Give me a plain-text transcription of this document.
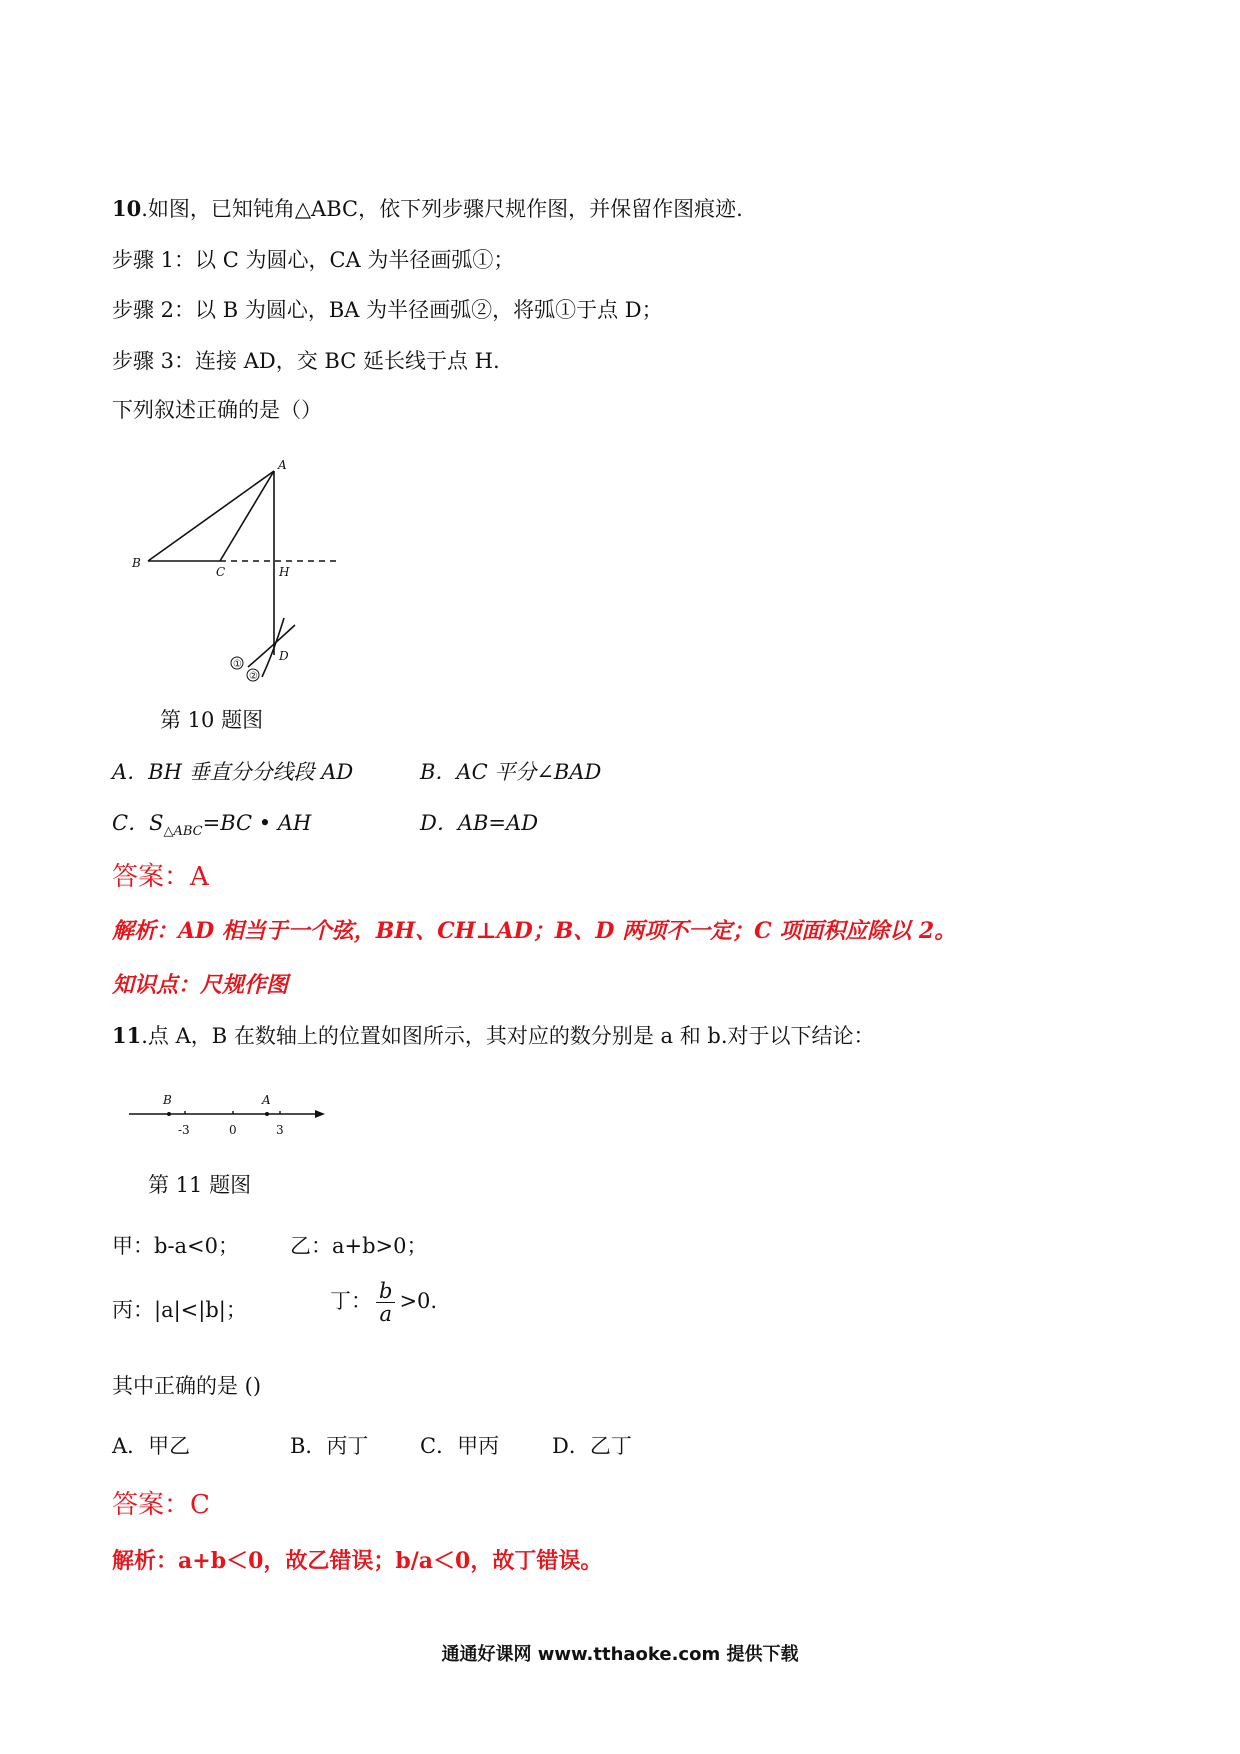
10.如图，已知钝角△ABC，依下列步骤尺规作图，并保留作图痕迹.
步骤 1：以 C 为圆心，CA 为半径画弧①；
步骤 2：以 B 为圆心，BA 为半径画弧②，将弧①于点 D；
步骤 3：连接 AD，交 BC 延长线于点 H.
下列叙述正确的是（）
A
B
C	H
D
①
②
第 10 题图
A．BH 垂直分分线段 AD	B．AC 平分∠BAD
C．$S_{\triangle ABC}=BC$ • AH	D．AB=AD
答案：A
解析：AD 相当于一个弦，BH、CH⊥AD；B、D 两项不一定；C 项面积应除以 2。
知识点：尺规作图
11.点 A，B 在数轴上的位置如图所示，其对应的数分别是 a 和 b.对于以下结论：
B	A
-3	0	3
第 11 题图
甲：b-a<0； 乙：a+b>0；
丙：|a|<|b|；	丁： $\frac{b}{a} >0$.
其中正确的是 ()
A．甲乙	B．丙丁 C．甲丙	D．乙丁
答案：C
解析：a+b＜0，故乙错误；b/a＜0，故丁错误。
通通好课网 www.tthaoke.com 提供下载
